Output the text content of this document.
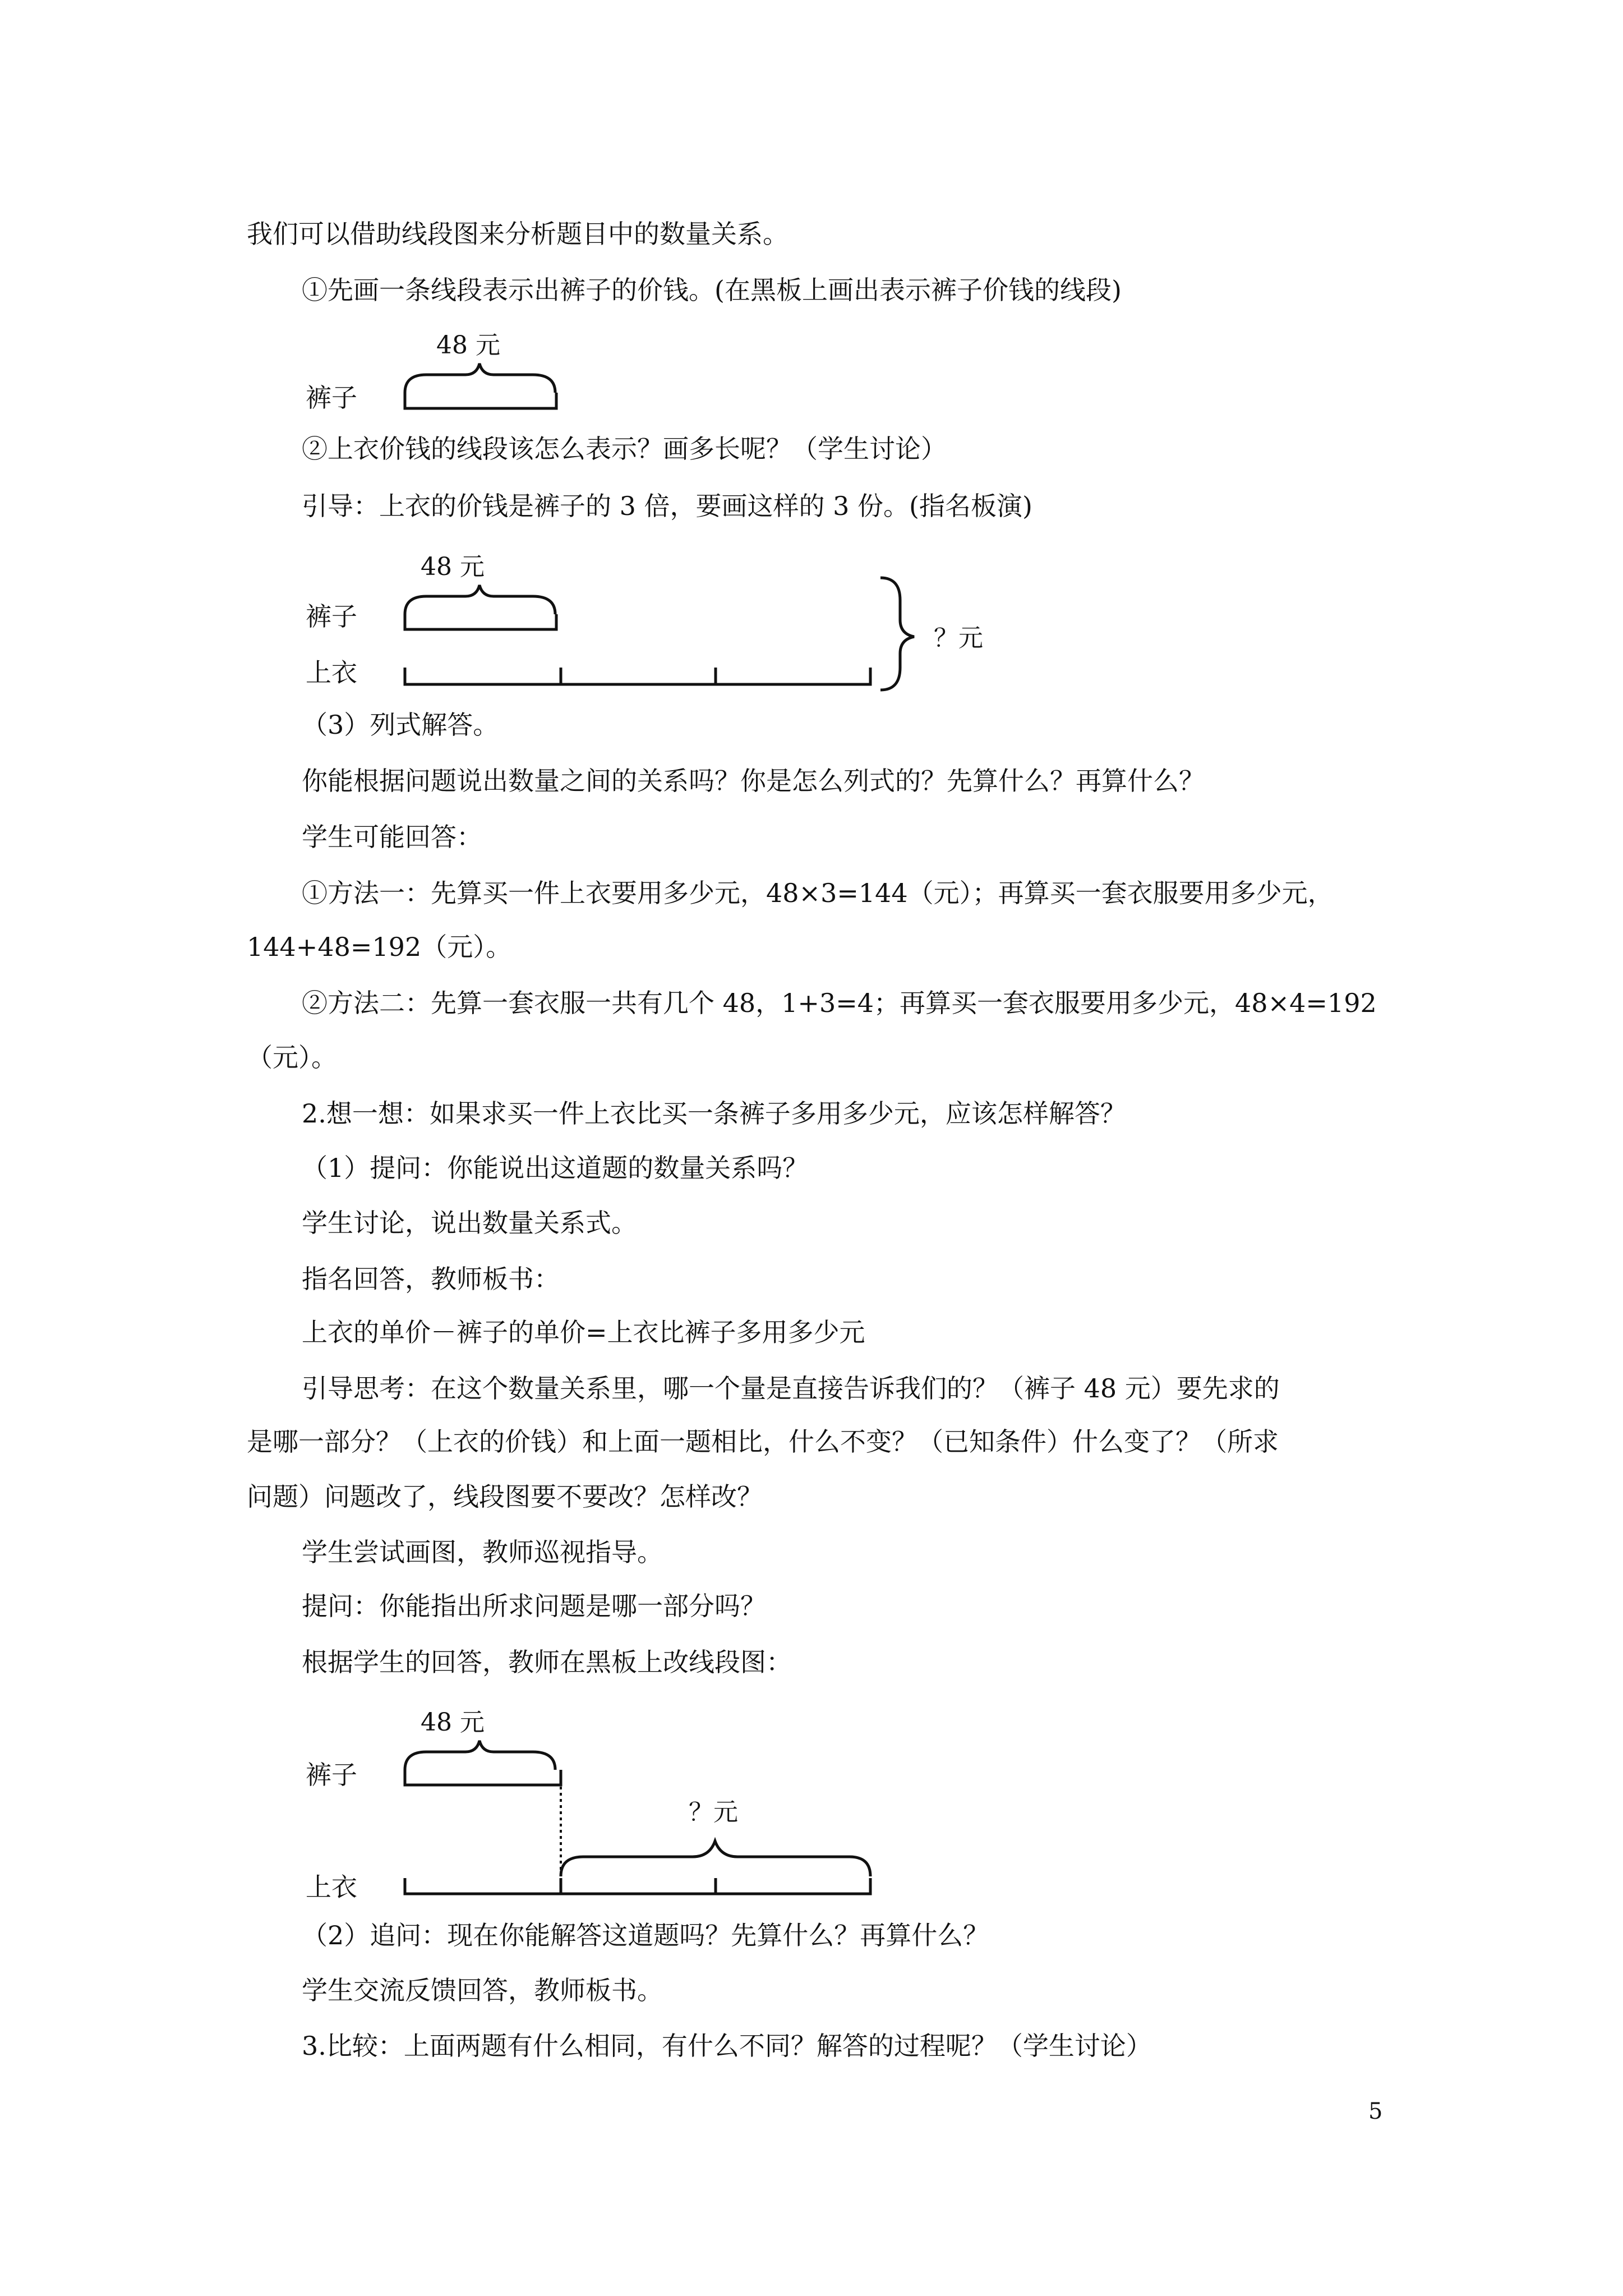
我们可以借助线段图来分析题目中的数量关系。
①先画一条线段表示出裤子的价钱。(在黑板上画出表示裤子价钱的线段)
48 元
裤子
②上衣价钱的线段该怎么表示？画多长呢？（学生讨论）
引导：上衣的价钱是裤子的 3 倍，要画这样的 3 份。(指名板演)
48 元
裤子
上衣
？元
（3）列式解答。
你能根据问题说出数量之间的关系吗？你是怎么列式的？先算什么？再算什么？
学生可能回答：
①方法一：先算买一件上衣要用多少元，48×3=144（元）；再算买一套衣服要用多少元，
144+48=192（元）。
②方法二：先算一套衣服一共有几个 48，1+3=4；再算买一套衣服要用多少元，48×4=192
（元）。
2.想一想：如果求买一件上衣比买一条裤子多用多少元，应该怎样解答？
（1）提问：你能说出这道题的数量关系吗？
学生讨论，说出数量关系式。
指名回答，教师板书：
上衣的单价－裤子的单价=上衣比裤子多用多少元
引导思考：在这个数量关系里，哪一个量是直接告诉我们的？（裤子 48 元）要先求的
是哪一部分？（上衣的价钱）和上面一题相比，什么不变？（已知条件）什么变了？（所求
问题）问题改了，线段图要不要改？怎样改？
学生尝试画图，教师巡视指导。
提问：你能指出所求问题是哪一部分吗？
根据学生的回答，教师在黑板上改线段图：
48 元
裤子
上衣
？元
（2）追问：现在你能解答这道题吗？先算什么？再算什么？
学生交流反馈回答，教师板书。
3.比较：上面两题有什么相同，有什么不同？解答的过程呢？（学生讨论）
5
